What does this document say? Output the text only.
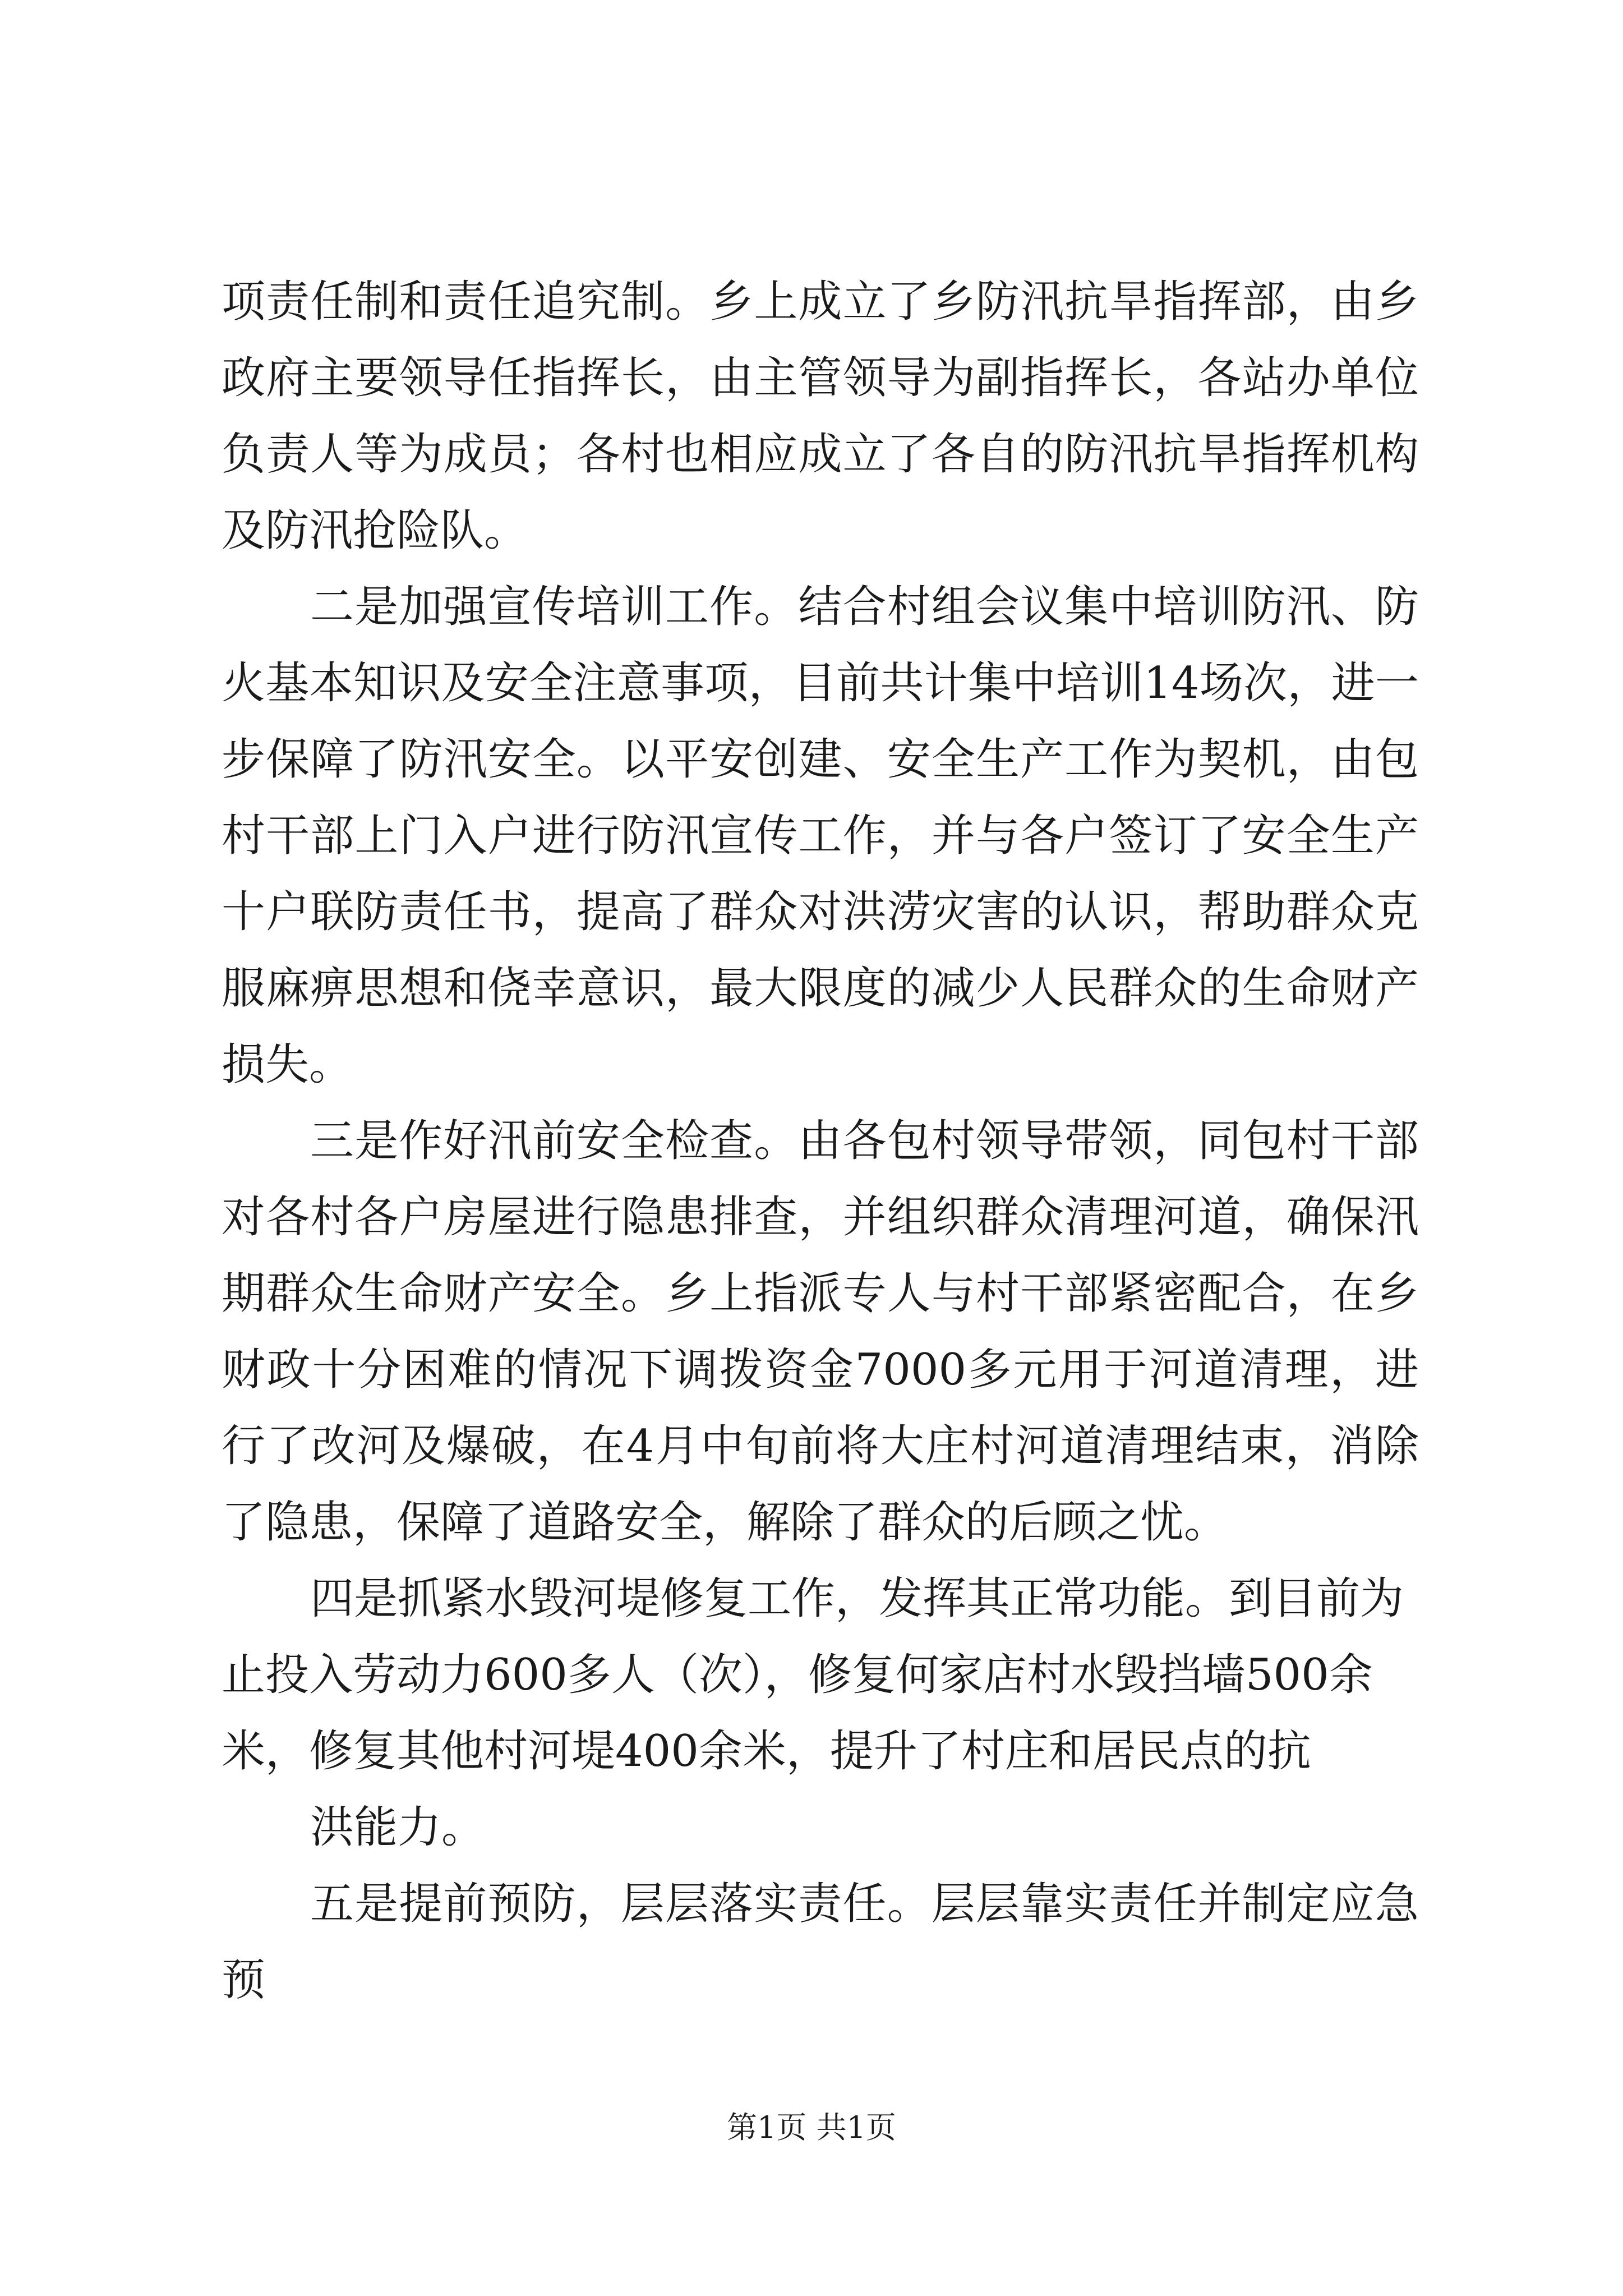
项责任制和责任追究制。乡上成立了乡防汛抗旱指挥部，由乡政府主要领导任指挥长，由主管领导为副指挥长，各站办单位负责人等为成员；各村也相应成立了各自的防汛抗旱指挥机构及防汛抢险队。

二是加强宣传培训工作。结合村组会议集中培训防汛、防火基本知识及安全注意事项，目前共计集中培训14场次，进一步保障了防汛安全。以平安创建、安全生产工作为契机，由包村干部上门入户进行防汛宣传工作，并与各户签订了安全生产十户联防责任书，提高了群众对洪涝灾害的认识，帮助群众克服麻痹思想和侥幸意识，最大限度的减少人民群众的生命财产损失。

三是作好汛前安全检查。由各包村领导带领，同包村干部对各村各户房屋进行隐患排查，并组织群众清理河道，确保汛期群众生命财产安全。乡上指派专人与村干部紧密配合，在乡财政十分困难的情况下调拨资金7000多元用于河道清理，进行了改河及爆破，在4月中旬前将大庄村河道清理结束，消除了隐患，保障了道路安全，解除了群众的后顾之忧。

四是抓紧水毁河堤修复工作，发挥其正常功能。到目前为止投入劳动力600多人（次），修复何家店村水毁挡墙500余米，修复其他村河堤400余米，提升了村庄和居民点的抗

洪能力。

五是提前预防，层层落实责任。层层靠实责任并制定应急预

第1页 共1页
